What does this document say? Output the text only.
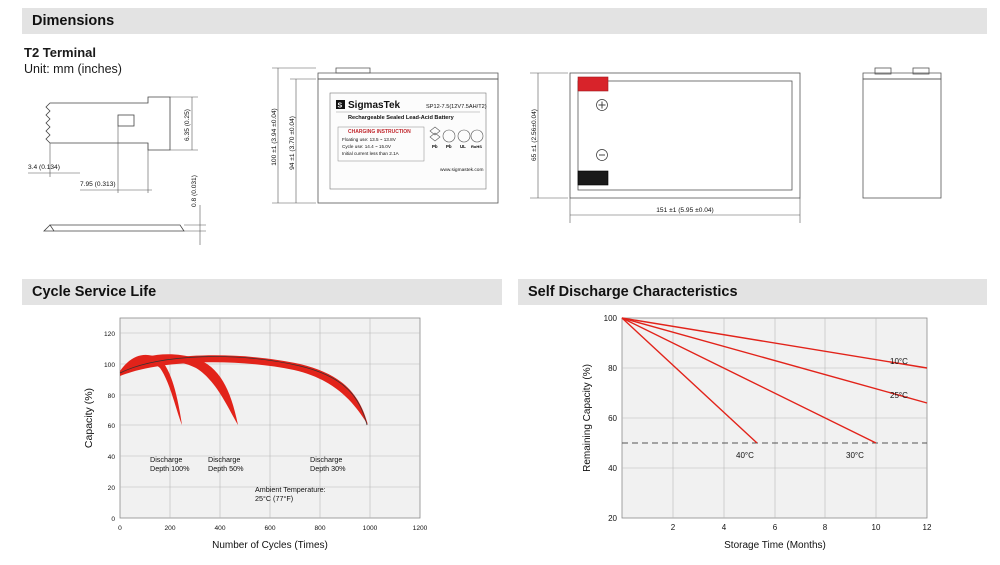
Dimensions
Cycle Service Life	Self Discharge Characteristics
T2 Terminal
Unit: mm (inches)
6.35 (0.25)
3.4 (0.134)
7.95 (0.313)	0.8 (0.031)
S SigmasTek	SP12-7.5(12V7.5AH/T2)
Rechargeable Sealed Lead-Acid Battery
CHARGING INSTRUCTION
Floating use: 13.5 ~ 13.8V
Cycle use: 14.4 ~ 15.0V
Initial current less than 2.1A
Pb Pb UL RoHS
www.sigmastek.com
100 ±1 (3.94 ±0.04) 94 ±1 (3.70 ±0.04)	65 ±1 (2.56±0.04)
151 ±1 (5.95 ±0.04)
0
20
40
60
80
100
120
0	200	400	600	800	1000	1200
Discharge
Depth 100%
Discharge
Depth 50%
Discharge
Depth 30%
Ambient Temperature:
25°C (77°F)
Capacity (%)
Number of Cycles (Times)
100
80
60
40
20
2	4	6	8	10	12
10°C
25°C
40°C	30°C
Remaining Capacity (%)
Storage Time (Months)
